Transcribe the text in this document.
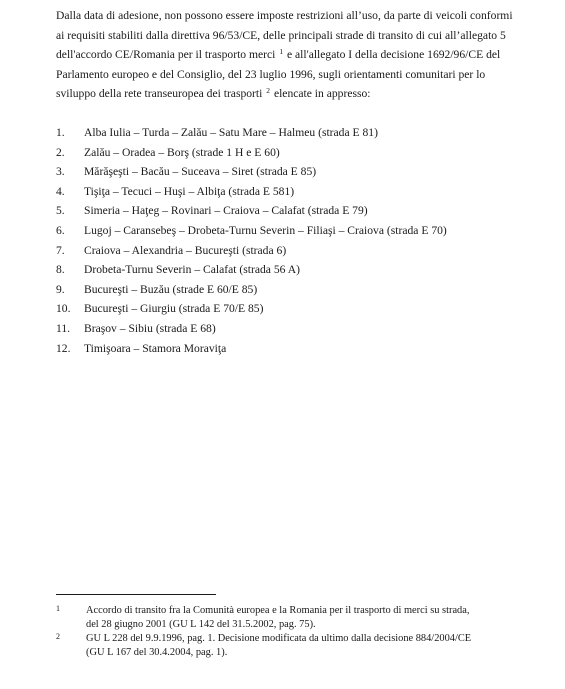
Dalla data di adesione, non possono essere imposte restrizioni all’uso, da parte di veicoli conformi
ai requisiti stabiliti dalla direttiva 96/53/CE, delle principali strade di transito di cui all’allegato 5
dell'accordo CE/Romania per il trasporto merci $^1$ e all'allegato I della decisione 1692/96/CE del
Parlamento europeo e del Consiglio, del 23 luglio 1996, sugli orientamenti comunitari per lo
sviluppo della rete transeuropea dei trasporti $^2$ elencate in appresso:
1. Alba Iulia – Turda – Zalău – Satu Mare – Halmeu (strada E 81)
2. Zalău – Oradea – Borş (strade 1 H e E 60)
3. Mărăşeşti – Bacău – Suceava – Siret (strada E 85)
4. Tişiţa – Tecuci – Huşi – Albiţa (strada E 581)
5. Simeria – Haţeg – Rovinari – Craiova – Calafat (strada E 79)
6. Lugoj – Caransebeş – Drobeta-Turnu Severin – Filiaşi – Craiova (strada E 70)
7. Craiova – Alexandria – Bucureşti (strada 6)
8. Drobeta-Turnu Severin – Calafat (strada 56 A)
9. Bucureşti – Buzău (strade E 60/E 85)
10. Bucureşti – Giurgiu (strada E 70/E 85)
11. Braşov – Sibiu (strada E 68)
12. Timişoara – Stamora Moraviţa
1	Accordo di transito fra la Comunità europea e la Romania per il trasporto di merci su strada,
del 28 giugno 2001 (GU L 142 del 31.5.2002, pag. 75).
2	GU L 228 del 9.9.1996, pag. 1. Decisione modificata da ultimo dalla decisione 884/2004/CE
(GU L 167 del 30.4.2004, pag. 1).
